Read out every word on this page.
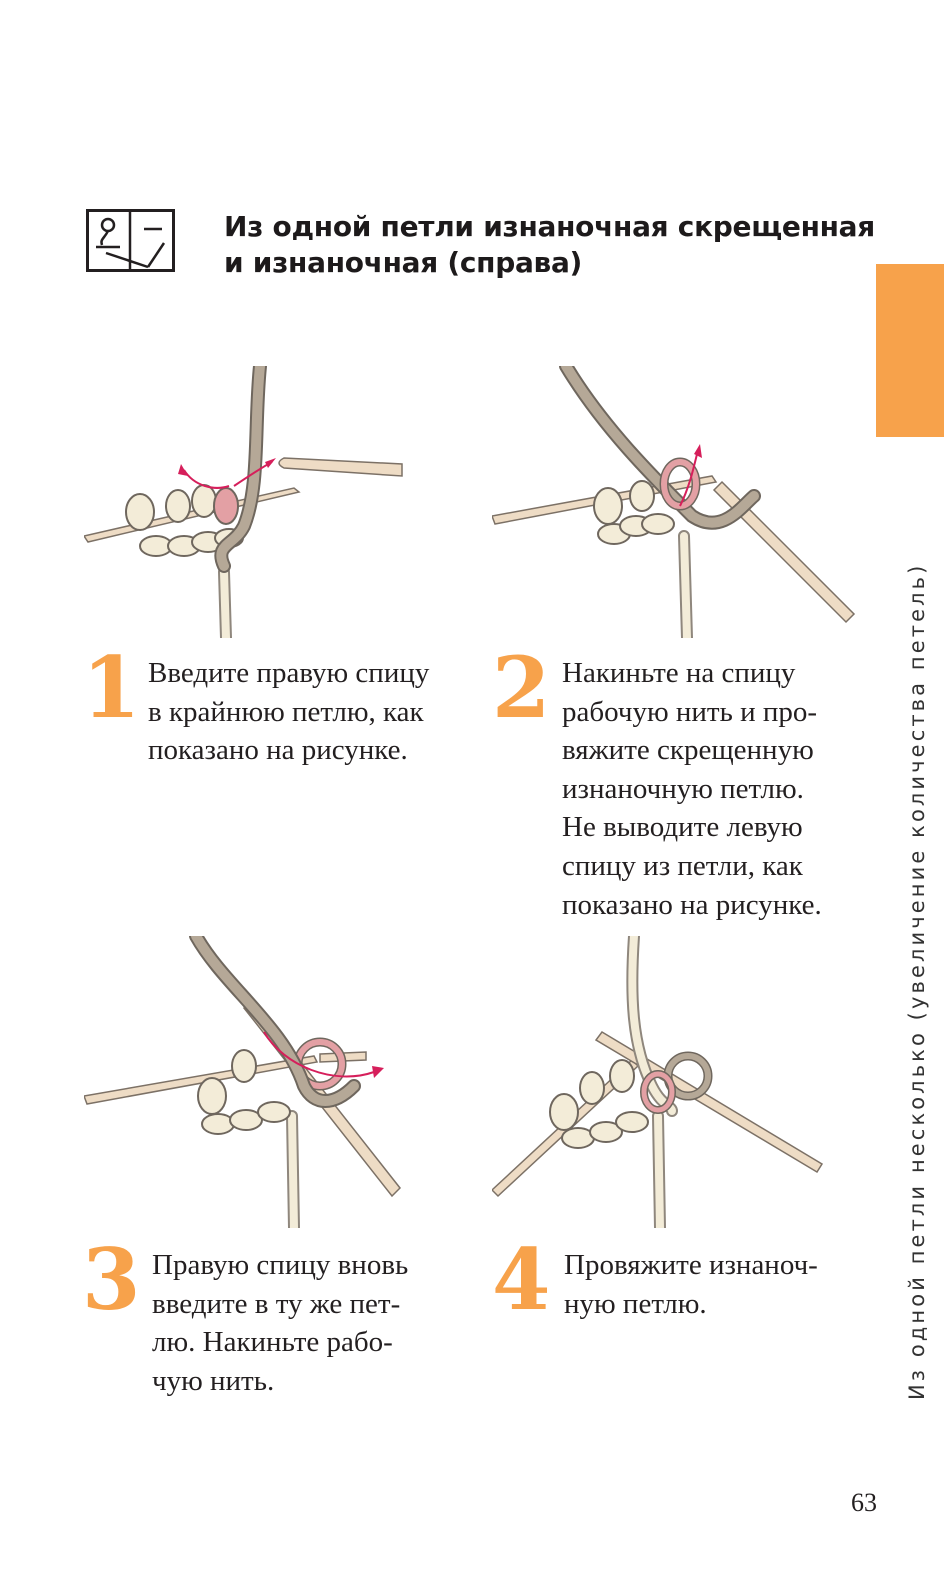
Из одной петли изнаночная скрещенная
и изнаночная (справа)
Из одной петли несколько (увеличение количества петель)
1 Введите правую спицу
в крайнюю петлю, как
показано на рисунке.
2 Накиньте на спицу
рабочую нить и про-
вяжите скрещенную
изнаночную петлю.
Не выводите левую
спицу из петли, как
показано на рисунке.
3 Правую спицу вновь
введите в ту же пет-
лю. Накиньте рабо-
чую нить.
4 Провяжите изнаноч-
ную петлю.
63
